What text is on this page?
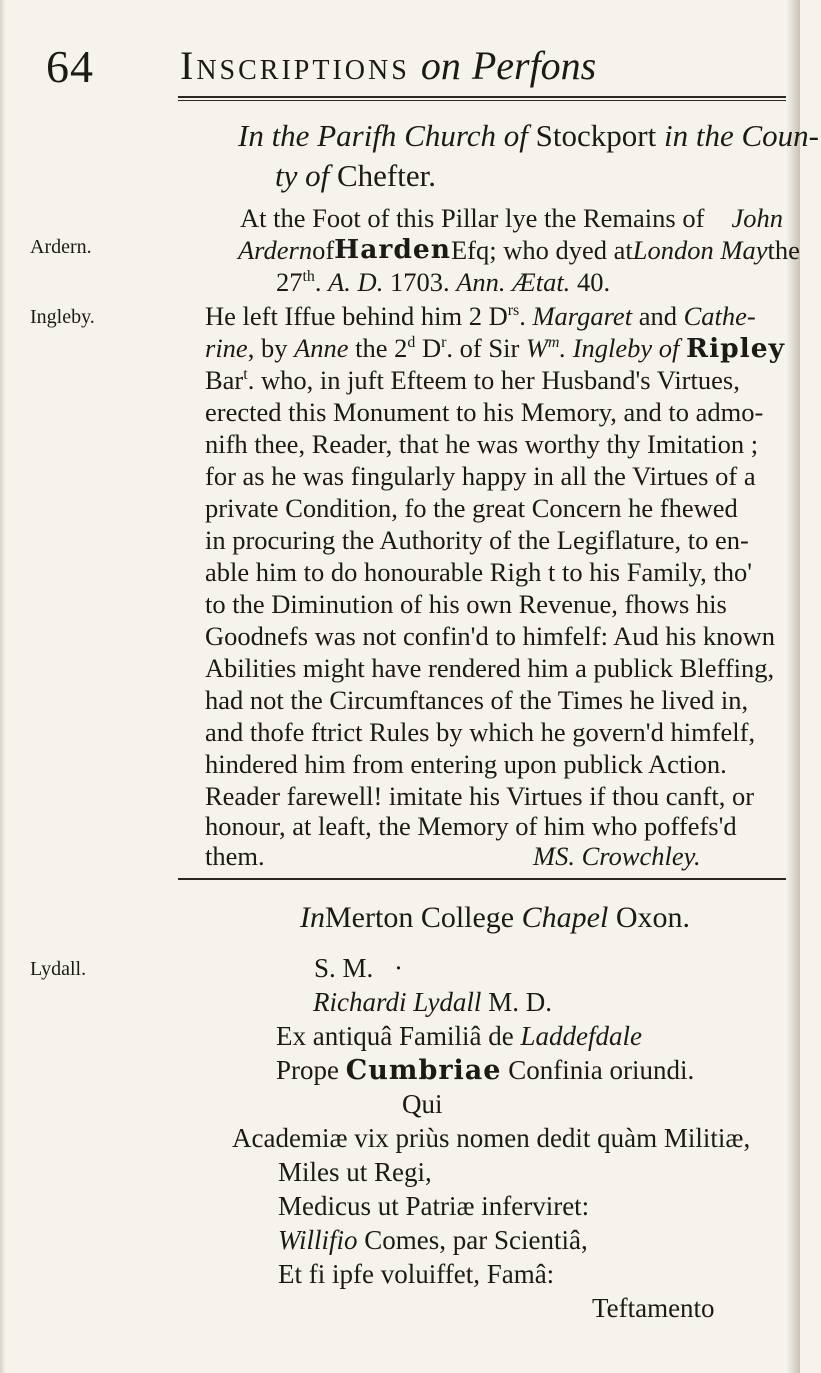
64 Inscriptions on Perfons
In the Parifh Church of Stockport in the Coun-
ty of Chefter.
Ardern.
Ingleby.
Lydall.
At the Foot of this Pillar lye the Remains of John
Ardern of Harden Efq; who dyed at London May the
27th. A. D. 1703. Ann. Ætat. 40.
He left Iffue behind him 2 $D^{rs}$. Margaret and Cathe-
rine, by Anne the 2$^d$ $D^r$. of Sir $W^m$. Ingleby of Ripley
Bar$^t$. who, in juft Efteem to her Husband's Virtues,
erected this Monument to his Memory, and to admo-
nifh thee, Reader, that he was worthy thy Imitation ;
for as he was fingularly happy in all the Virtues of a
private Condition, fo the great Concern he fhewed
in procuring the Authority of the Legiflature, to en-
able him to do honourable Righ t to his Family, tho'
to the Diminution of his own Revenue, fhows his
Goodnefs was not confin'd to himfelf: Aud his known
Abilities might have rendered him a publick Bleffing,
had not the Circumftances of the Times he lived in,
and thofe ftrict Rules by which he govern'd himfelf,
hindered him from entering upon publick Action.
Reader farewell! imitate his Virtues if thou canft, or
honour, at leaft, the Memory of him who poffefs'd
them.	MS. Crowchley.
InMerton College Chapel Oxon.
S. M. ·
Richardi Lydall M. D.
Ex antiquâ Familiâ de Laddefdale
Prope Cumbriae Confinia oriundi.
Qui
Academiæ vix priùs nomen dedit quàm Militiæ,
Miles ut Regi,
Medicus ut Patriæ inferviret:
Willifio Comes, par Scientiâ,
Et fi ipfe voluiffet, Famâ:
Teftamento
